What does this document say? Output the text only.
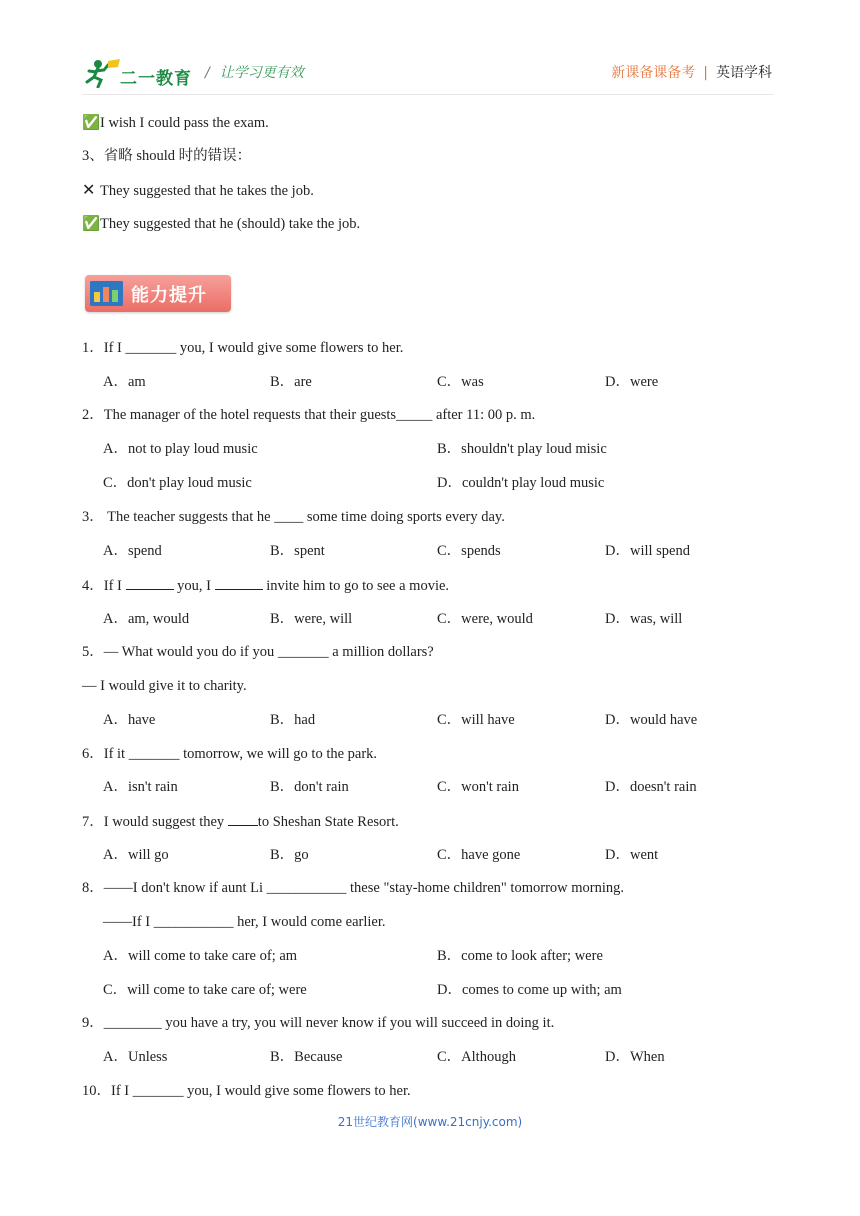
二一教育 / 让学习更有效	新课备课备考 | 英语学科
✅I wish I could pass the exam.
3、省略 should 时的错误：
✕ They suggested that he takes the job.
✅They suggested that he (should) take the job.
能力提升
1．If I _______ you, I would give some flowers to her.
A．am	B．are	C．was	D．were
2．The manager of the hotel requests that their guests_____ after 11: 00 p. m.
A．not to play loud music	B．shouldn't play loud misic
C．don't play loud music	D．couldn't play loud music
3． The teacher suggests that he ____ some time doing sports every day.
A．spend	B．spent	C．spends	D．will spend
4．If I	you, I	invite him to go to see a movie.
A．am, would	B．were, will	C．were, would	D．was, will
5．— What would you do if you _______ a million dollars?
— I would give it to charity.
A．have	B．had	C．will have	D．would have
6．If it _______ tomorrow, we will go to the park.
A．isn't rain	B．don't rain	C．won't rain	D．doesn't rain
7．I would suggest they to Sheshan State Resort.
A．will go	B．go	C．have gone	D．went
8．——I don't know if aunt Li ___________ these "stay-home children" tomorrow morning.
——If I ___________ her, I would come earlier.
A．will come to take care of; am	B．come to look after; were
C．will come to take care of; were	D．comes to come up with; am
9．________ you have a try, you will never know if you will succeed in doing it.
A．Unless	B．Because	C．Although	D．When
10．If I _______ you, I would give some flowers to her.
21世纪教育网(www.21cnjy.com)
